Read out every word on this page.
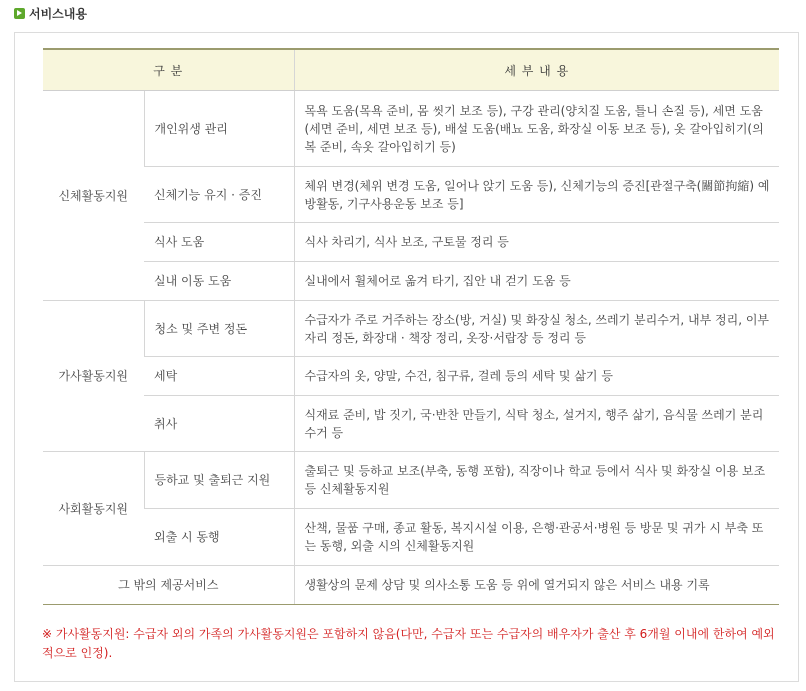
서비스내용
구 분		세 부 내 용
신체활동지원	개인위생 관리	목욕 도움(목욕 준비, 몸 씻기 보조 등), 구강 관리(양치질 도움, 틀니 손질 등), 세면 도움(세면 준비, 세면 보조 등), 배설 도움(배뇨 도움, 화장실 이동 보조 등), 옷 갈아입히기(의복 준비, 속옷 갈아입히기 등)
	신체기능 유지 · 증진	체위 변경(체위 변경 도움, 일어나 앉기 도움 등), 신체기능의 증진[관절구축(關節拘縮) 예방활동, 기구사용운동 보조 등]
	식사 도움	식사 차리기, 식사 보조, 구토물 정리 등
	실내 이동 도움	실내에서 휠체어로 옮겨 타기, 집안 내 걷기 도움 등
가사활동지원	청소 및 주변 정돈	수급자가 주로 거주하는 장소(방, 거실) 및 화장실 청소, 쓰레기 분리수거, 내부 정리, 이부자리 정돈, 화장대 · 책장 정리, 옷장·서랍장 등 정리 등
	세탁	수급자의 옷, 양말, 수건, 침구류, 걸레 등의 세탁 및 삶기 등
	취사	식재료 준비, 밥 짓기, 국·반찬 만들기, 식탁 청소, 설거지, 행주 삶기, 음식물 쓰레기 분리수거 등
사회활동지원	등하교 및 출퇴근 지원	출퇴근 및 등하교 보조(부축, 동행 포함), 직장이나 학교 등에서 식사 및 화장실 이용 보조 등 신체활동지원
	외출 시 동행	산책, 물품 구매, 종교 활동, 복지시설 이용, 은행·관공서·병원 등 방문 및 귀가 시 부축 또는 동행, 외출 시의 신체활동지원
그 밖의 제공서비스		생활상의 문제 상담 및 의사소통 도움 등 위에 열거되지 않은 서비스 내용 기록
※ 가사활동지원: 수급자 외의 가족의 가사활동지원은 포함하지 않음(다만, 수급자 또는 수급자의 배우자가 출산 후 6개월 이내에 한하여 예외적으로 인정).
